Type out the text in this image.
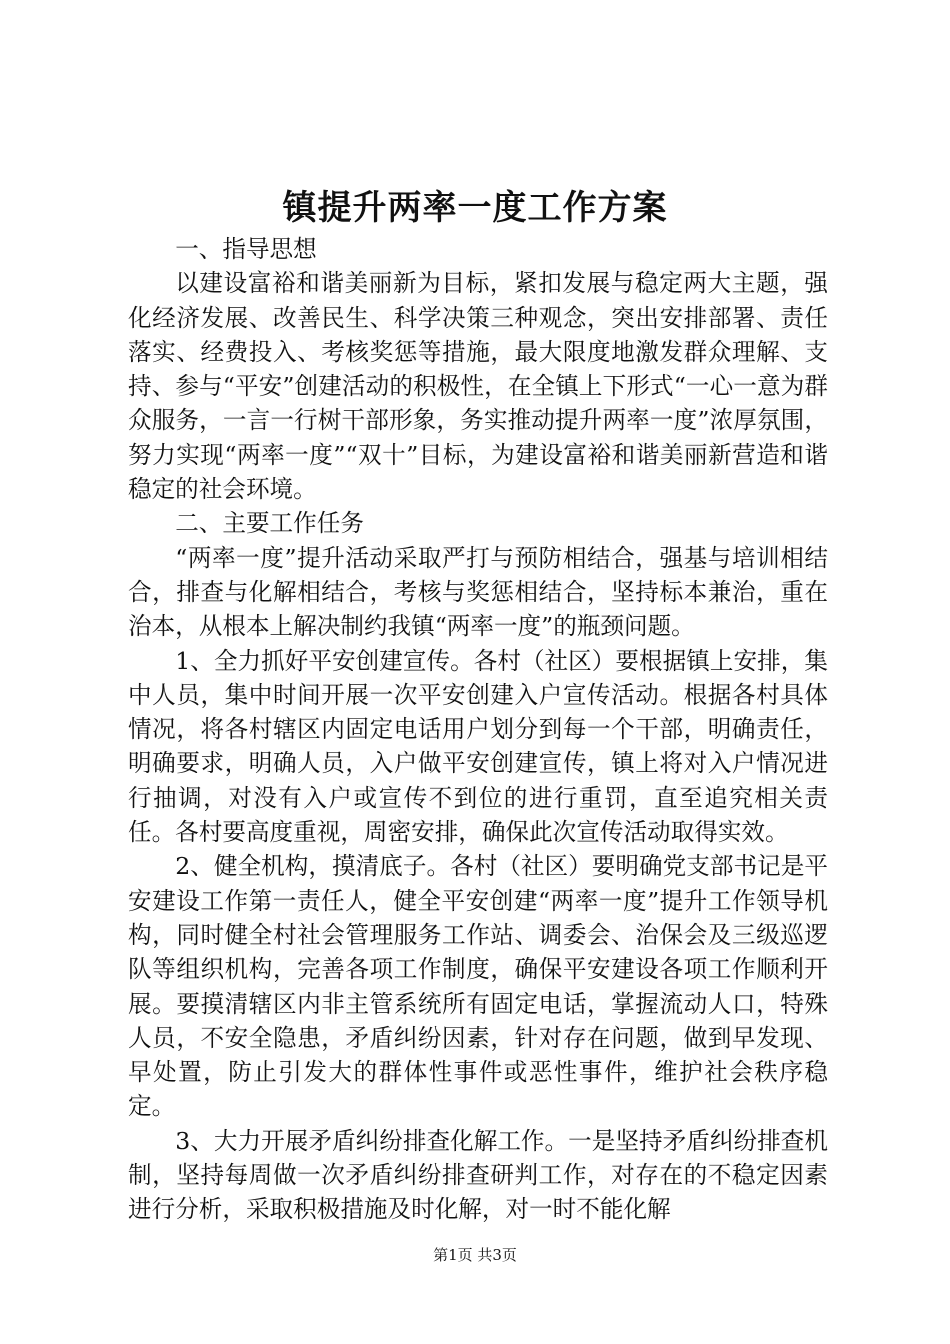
镇提升两率一度工作方案

一、指导思想

以建设富裕和谐美丽新为目标，紧扣发展与稳定两大主题，强化经济发展、改善民生、科学决策三种观念，突出安排部署、责任落实、经费投入、考核奖惩等措施，最大限度地激发群众理解、支持、参与“平安”创建活动的积极性，在全镇上下形式“一心一意为群众服务，一言一行树干部形象，务实推动提升两率一度”浓厚氛围，努力实现“两率一度”“双十”目标，为建设富裕和谐美丽新营造和谐稳定的社会环境。

二、主要工作任务

“两率一度”提升活动采取严打与预防相结合，强基与培训相结合，排查与化解相结合，考核与奖惩相结合，坚持标本兼治，重在治本，从根本上解决制约我镇“两率一度”的瓶颈问题。

1、全力抓好平安创建宣传。各村（社区）要根据镇上安排，集中人员，集中时间开展一次平安创建入户宣传活动。根据各村具体情况，将各村辖区内固定电话用户划分到每一个干部，明确责任，明确要求，明确人员，入户做平安创建宣传，镇上将对入户情况进行抽调，对没有入户或宣传不到位的进行重罚，直至追究相关责任。各村要高度重视，周密安排，确保此次宣传活动取得实效。

2、健全机构，摸清底子。各村（社区）要明确党支部书记是平安建设工作第一责任人，健全平安创建“两率一度”提升工作领导机构，同时健全村社会管理服务工作站、调委会、治保会及三级巡逻队等组织机构，完善各项工作制度，确保平安建设各项工作顺利开展。要摸清辖区内非主管系统所有固定电话，掌握流动人口，特殊人员，不安全隐患，矛盾纠纷因素，针对存在问题，做到早发现、早处置，防止引发大的群体性事件或恶性事件，维护社会秩序稳定。

3、大力开展矛盾纠纷排查化解工作。一是坚持矛盾纠纷排查机制，坚持每周做一次矛盾纠纷排查研判工作，对存在的不稳定因素进行分析，采取积极措施及时化解，对一时不能化解

第1页 共3页
